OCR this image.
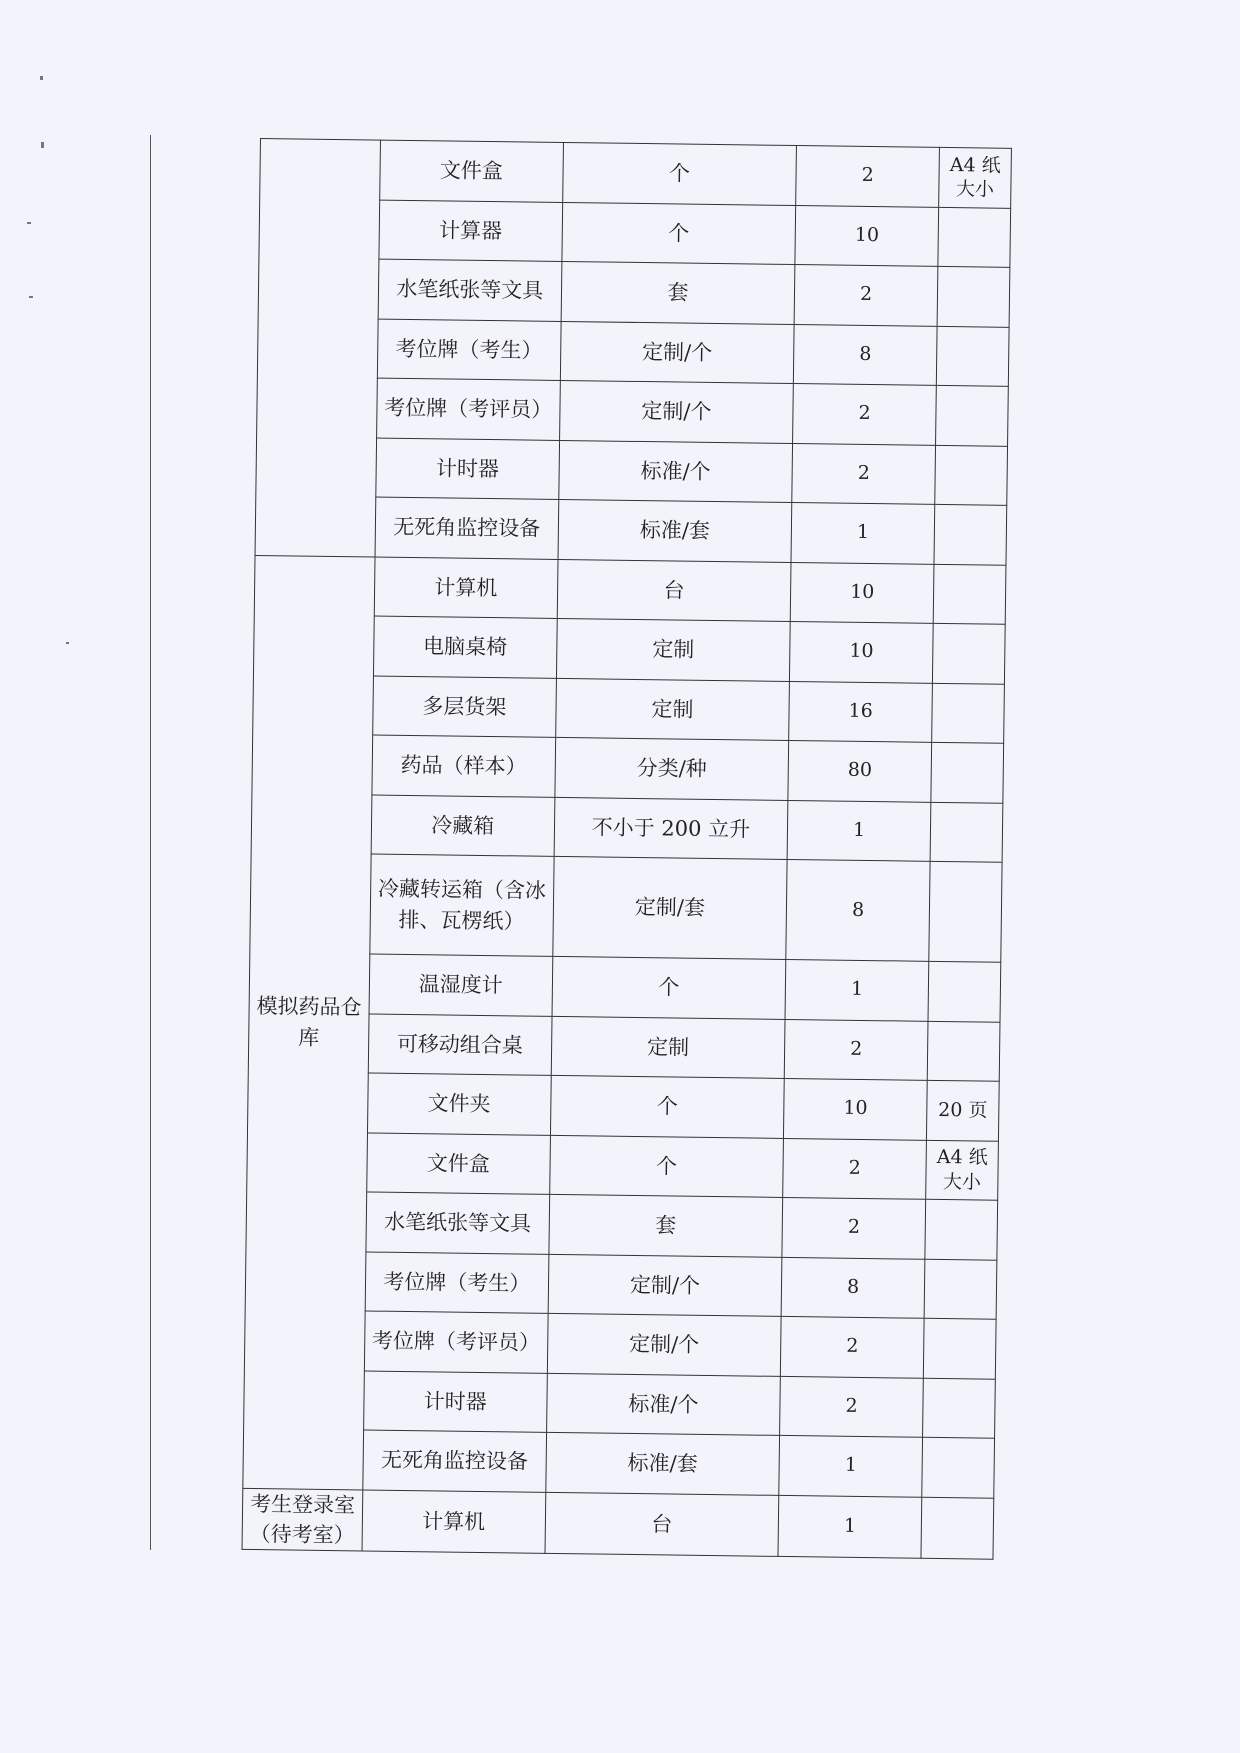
	文件盒	个	2	A4 纸大小
	计算器	个	10	
	水笔纸张等文具	套	2	
	考位牌（考生）	定制/个	8	
	考位牌（考评员）	定制/个	2	
	计时器	标准/个	2	
	无死角监控设备	标准/套	1	
模拟药品仓库	计算机	台	10	
	电脑桌椅	定制	10	
	多层货架	定制	16	
	药品（样本）	分类/种	80	
	冷藏箱	不小于 200 立升	1	
	冷藏转运箱（含冰排、瓦楞纸）	定制/套	8	
	温湿度计	个	1	
	可移动组合桌	定制	2	
	文件夹	个	10	20 页
	文件盒	个	2	A4 纸大小
	水笔纸张等文具	套	2	
	考位牌（考生）	定制/个	8	
	考位牌（考评员）	定制/个	2	
	计时器	标准/个	2	
	无死角监控设备	标准/套	1	
考生登录室（待考室）	计算机	台	1	
